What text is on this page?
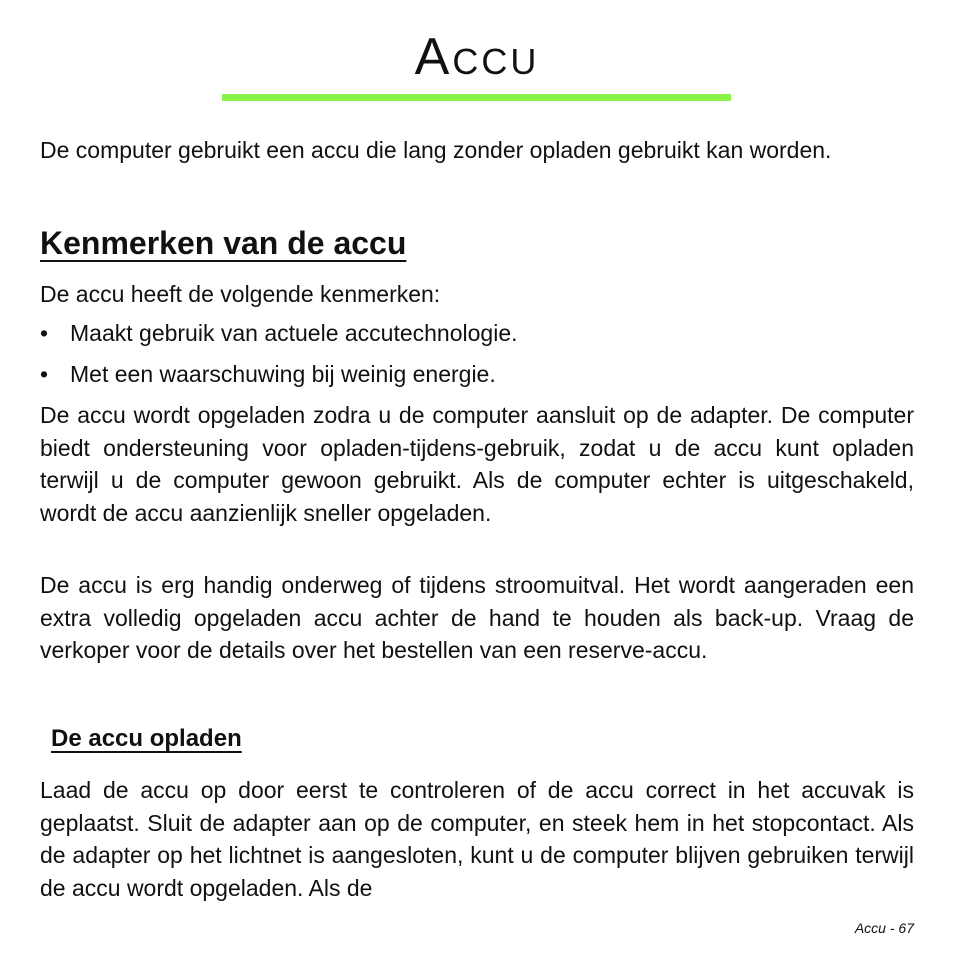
Accu

De computer gebruikt een accu die lang zonder opladen gebruikt kan worden.

Kenmerken van de accu

De accu heeft de volgende kenmerken:

• Maakt gebruik van actuele accutechnologie.
• Met een waarschuwing bij weinig energie.

De accu wordt opgeladen zodra u de computer aansluit op de adapter. De computer biedt ondersteuning voor opladen-tijdens-gebruik, zodat u de accu kunt opladen terwijl u de computer gewoon gebruikt. Als de computer echter is uitgeschakeld, wordt de accu aanzienlijk sneller opgeladen.

De accu is erg handig onderweg of tijdens stroomuitval. Het wordt aangeraden een extra volledig opgeladen accu achter de hand te houden als back-up. Vraag de verkoper voor de details over het bestellen van een reserve-accu.

De accu opladen

Laad de accu op door eerst te controleren of de accu correct in het accuvak is geplaatst. Sluit de adapter aan op de computer, en steek hem in het stopcontact. Als de adapter op het lichtnet is aangesloten, kunt u de computer blijven gebruiken terwijl de accu wordt opgeladen. Als de

Accu - 67
